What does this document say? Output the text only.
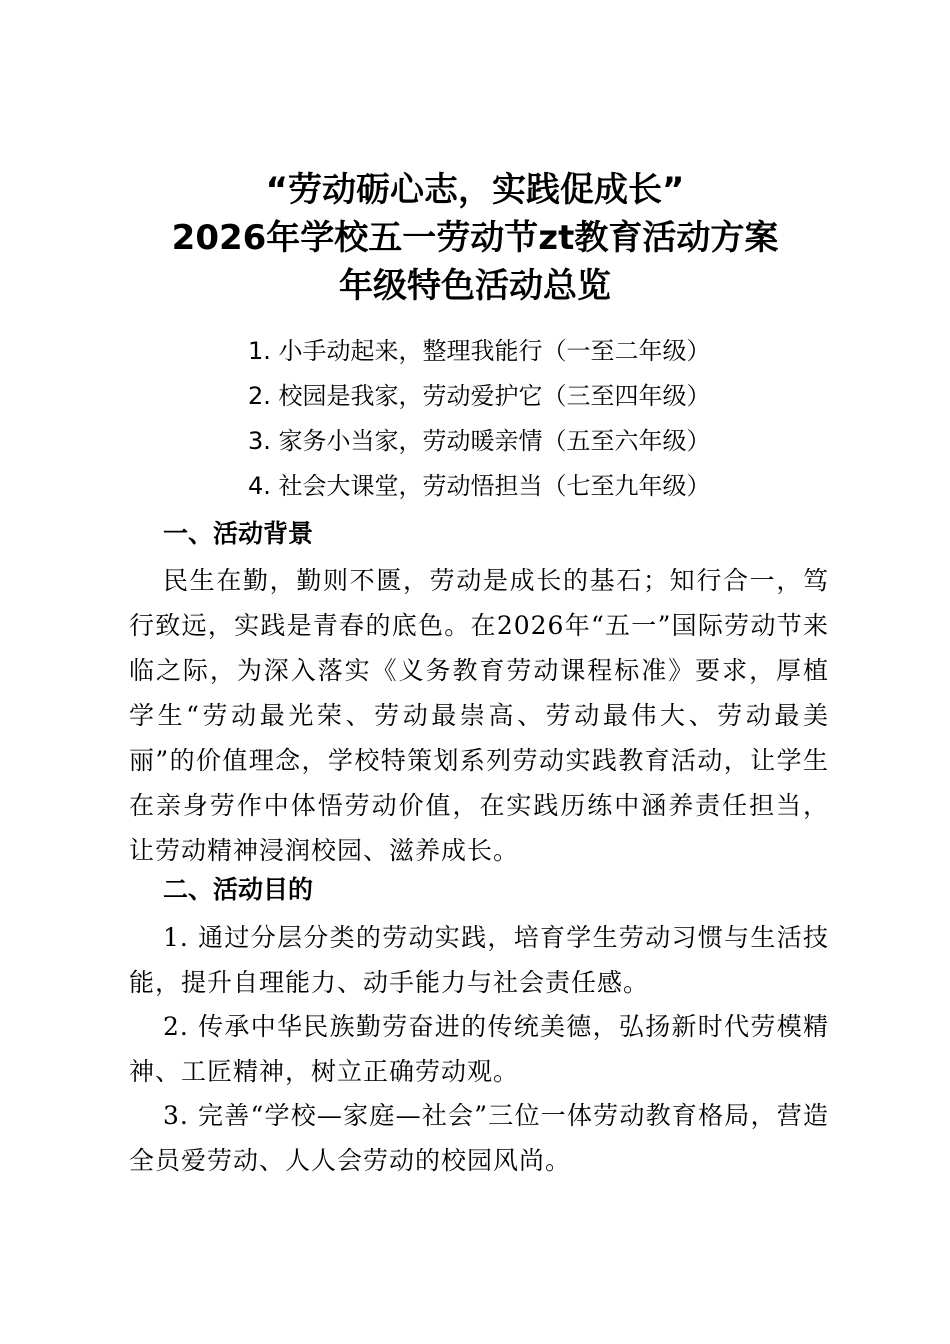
“劳动砺心志，实践促成长”
2026年学校五一劳动节zt教育活动方案
年级特色活动总览
1. 小手动起来，整理我能行（一至二年级）
2. 校园是我家，劳动爱护它（三至四年级）
3. 家务小当家，劳动暖亲情（五至六年级）
4. 社会大课堂，劳动悟担当（七至九年级）
一、活动背景
民生在勤，勤则不匮，劳动是成长的基石；知行合一，笃行致远，实践是青春的底色。在2026年“五一”国际劳动节来临之际，为深入落实《义务教育劳动课程标准》要求，厚植学生“劳动最光荣、劳动最崇高、劳动最伟大、劳动最美丽”的价值理念，学校特策划系列劳动实践教育活动，让学生在亲身劳作中体悟劳动价值，在实践历练中涵养责任担当，让劳动精神浸润校园、滋养成长。
二、活动目的
1. 通过分层分类的劳动实践，培育学生劳动习惯与生活技能，提升自理能力、动手能力与社会责任感。
2. 传承中华民族勤劳奋进的传统美德，弘扬新时代劳模精神、工匠精神，树立正确劳动观。
3. 完善“学校—家庭—社会”三位一体劳动教育格局，营造全员爱劳动、人人会劳动的校园风尚。
